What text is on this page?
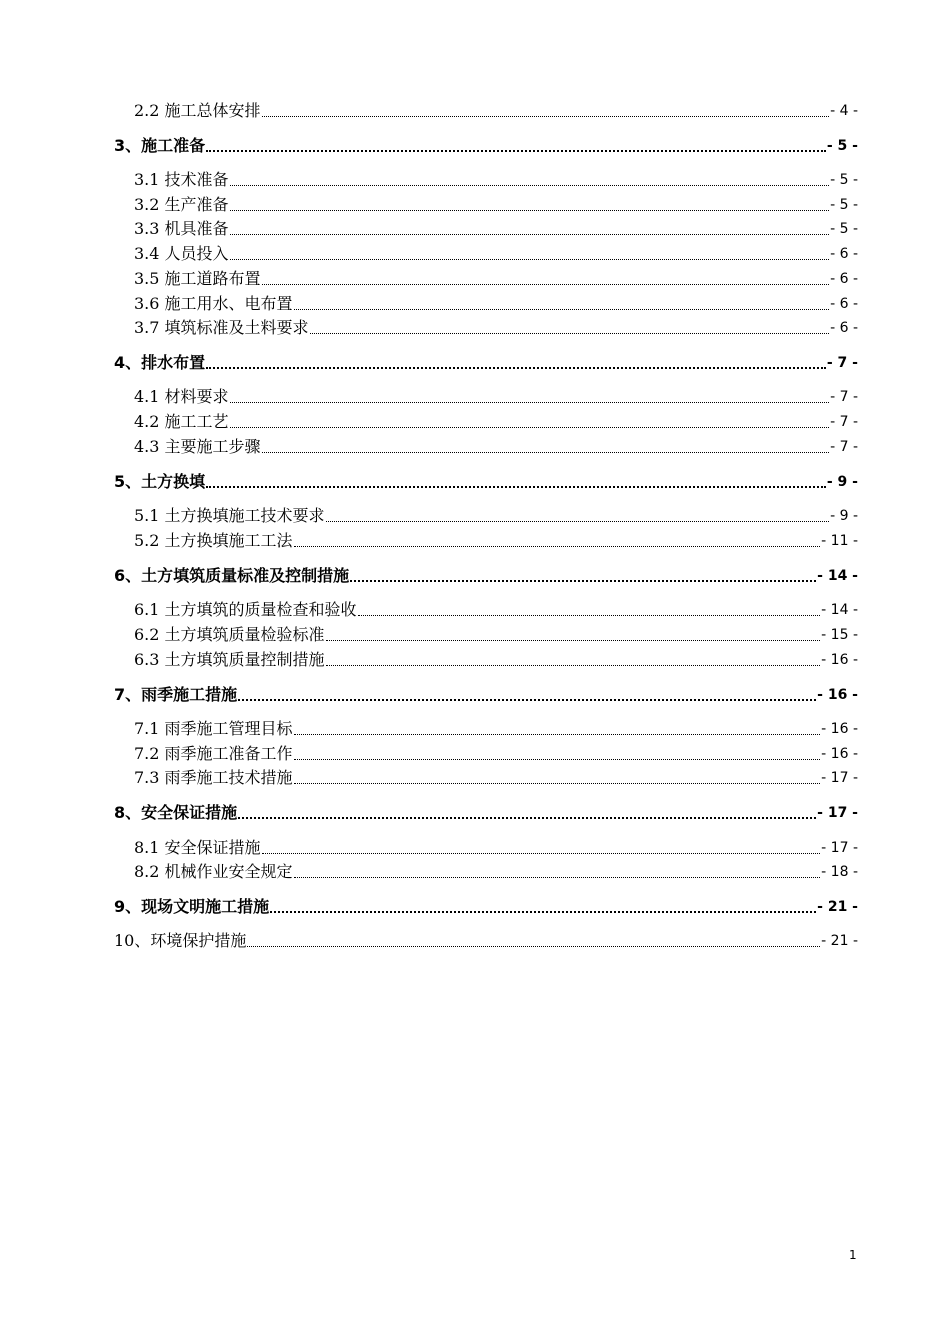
2.2 施工总体安排	- 4 -
3、施工准备	- 5 -
3.1 技术准备	- 5 -
3.2 生产准备	- 5 -
3.3 机具准备	- 5 -
3.4 人员投入	- 6 -
3.5 施工道路布置	- 6 -
3.6 施工用水、电布置	- 6 -
3.7 填筑标准及土料要求	- 6 -
4、排水布置	- 7 -
4.1 材料要求	- 7 -
4.2 施工工艺	- 7 -
4.3 主要施工步骤	- 7 -
5、土方换填	- 9 -
5.1 土方换填施工技术要求	- 9 -
5.2 土方换填施工工法	- 11 -
6、土方填筑质量标准及控制措施	- 14 -
6.1 土方填筑的质量检查和验收	- 14 -
6.2 土方填筑质量检验标准	- 15 -
6.3 土方填筑质量控制措施	- 16 -
7、雨季施工措施	- 16 -
7.1 雨季施工管理目标	- 16 -
7.2 雨季施工准备工作	- 16 -
7.3 雨季施工技术措施	- 17 -
8、安全保证措施	- 17 -
8.1 安全保证措施	- 17 -
8.2 机械作业安全规定	- 18 -
9、现场文明施工措施	- 21 -
10、环境保护措施	- 21 -
1
